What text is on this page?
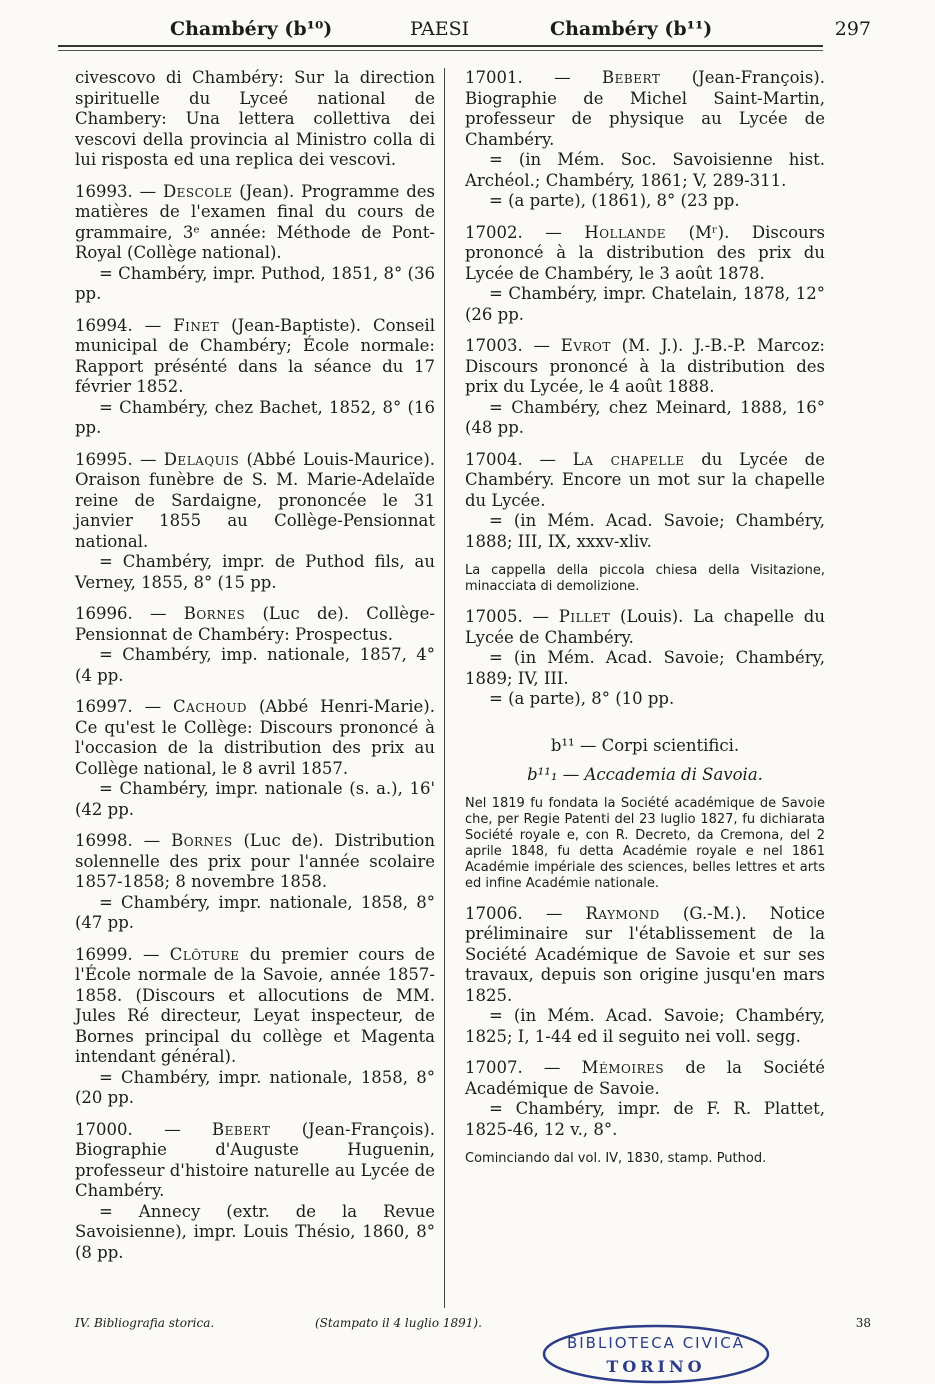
Chambéry (b¹⁰)	PAESI	Chambéry (b¹¹)	297
civescovo di Chambéry: Sur la direction spirituelle du Lyceé national de Chambery: Una lettera collettiva dei vescovi della provincia al Ministro colla di lui risposta ed una replica dei vescovi.
16993. — Descole (Jean). Programme des matières de l'examen final du cours de grammaire, 3ᵉ année: Méthode de Pont-Royal (Collège national).
= Chambéry, impr. Puthod, 1851, 8° (36 pp.
16994. — Finet (Jean-Baptiste). Conseil municipal de Chambéry; École normale: Rapport présénté dans la séance du 17 février 1852.
= Chambéry, chez Bachet, 1852, 8° (16 pp.
16995. — Delaquis (Abbé Louis-Maurice). Oraison funèbre de S. M. Marie-Adelaïde reine de Sardaigne, prononcée le 31 janvier 1855 au Collège-Pensionnat national.
= Chambéry, impr. de Puthod fils, au Verney, 1855, 8° (15 pp.
16996. — Bornes (Luc de). Collège-Pensionnat de Chambéry: Prospectus.
= Chambéry, imp. nationale, 1857, 4° (4 pp.
16997. — Cachoud (Abbé Henri-Marie). Ce qu'est le Collège: Discours prononcé à l'occasion de la distribution des prix au Collège national, le 8 avril 1857.
= Chambéry, impr. nationale (s. a.), 16' (42 pp.
16998. — Bornes (Luc de). Distribution solennelle des prix pour l'année scolaire 1857-1858; 8 novembre 1858.
= Chambéry, impr. nationale, 1858, 8° (47 pp.
16999. — Clôture du premier cours de l'École normale de la Savoie, année 1857-1858. (Discours et allocutions de MM. Jules Ré directeur, Leyat inspecteur, de Bornes principal du collège et Magenta intendant général).
= Chambéry, impr. nationale, 1858, 8° (20 pp.
17000. — Bebert (Jean-François). Biographie d'Auguste Huguenin, professeur d'histoire naturelle au Lycée de Chambéry.
= Annecy (extr. de la Revue Savoisienne), impr. Louis Thésio, 1860, 8° (8 pp.
17001. — Bebert (Jean-François). Biographie de Michel Saint-Martin, professeur de physique au Lycée de Chambéry.
= (in Mém. Soc. Savoisienne hist. Archéol.; Chambéry, 1861; V, 289-311.
= (a parte), (1861), 8° (23 pp.
17002. — Hollande (Mʳ). Discours prononcé à la distribution des prix du Lycée de Chambéry, le 3 août 1878.
= Chambéry, impr. Chatelain, 1878, 12° (26 pp.
17003. — Evrot (M. J.). J.-B.-P. Marcoz: Discours prononcé à la distribution des prix du Lycée, le 4 août 1888.
= Chambéry, chez Meinard, 1888, 16° (48 pp.
17004. — La chapelle du Lycée de Chambéry. Encore un mot sur la chapelle du Lycée.
= (in Mém. Acad. Savoie; Chambéry, 1888; III, IX, xxxv-xliv.
La cappella della piccola chiesa della Visitazione, minacciata di demolizione.
17005. — Pillet (Louis). La chapelle du Lycée de Chambéry.
= (in Mém. Acad. Savoie; Chambéry, 1889; IV, III.
= (a parte), 8° (10 pp.
b¹¹ — Corpi scientifici.
b¹¹₁ — Accademia di Savoia.
Nel 1819 fu fondata la Société académique de Savoie che, per Regie Patenti del 23 luglio 1827, fu dichiarata Société royale e, con R. Decreto, da Cremona, del 2 aprile 1848, fu detta Académie royale e nel 1861 Académie impériale des sciences, belles lettres et arts ed infine Académie nationale.
17006. — Raymond (G.-M.). Notice préliminaire sur l'établissement de la Société Académique de Savoie et sur ses travaux, depuis son origine jusqu'en mars 1825.
= (in Mém. Acad. Savoie; Chambéry, 1825; I, 1-44 ed il seguito nei voll. segg.
17007. — Mémoires de la Société Académique de Savoie.
= Chambéry, impr. de F. R. Plattet, 1825-46, 12 v., 8°.
Cominciando dal vol. IV, 1830, stamp. Puthod.
IV. Bibliografia storica.	(Stampato il 4 luglio 1891).	38
BIBLIOTECA CIVICA
TORINO
